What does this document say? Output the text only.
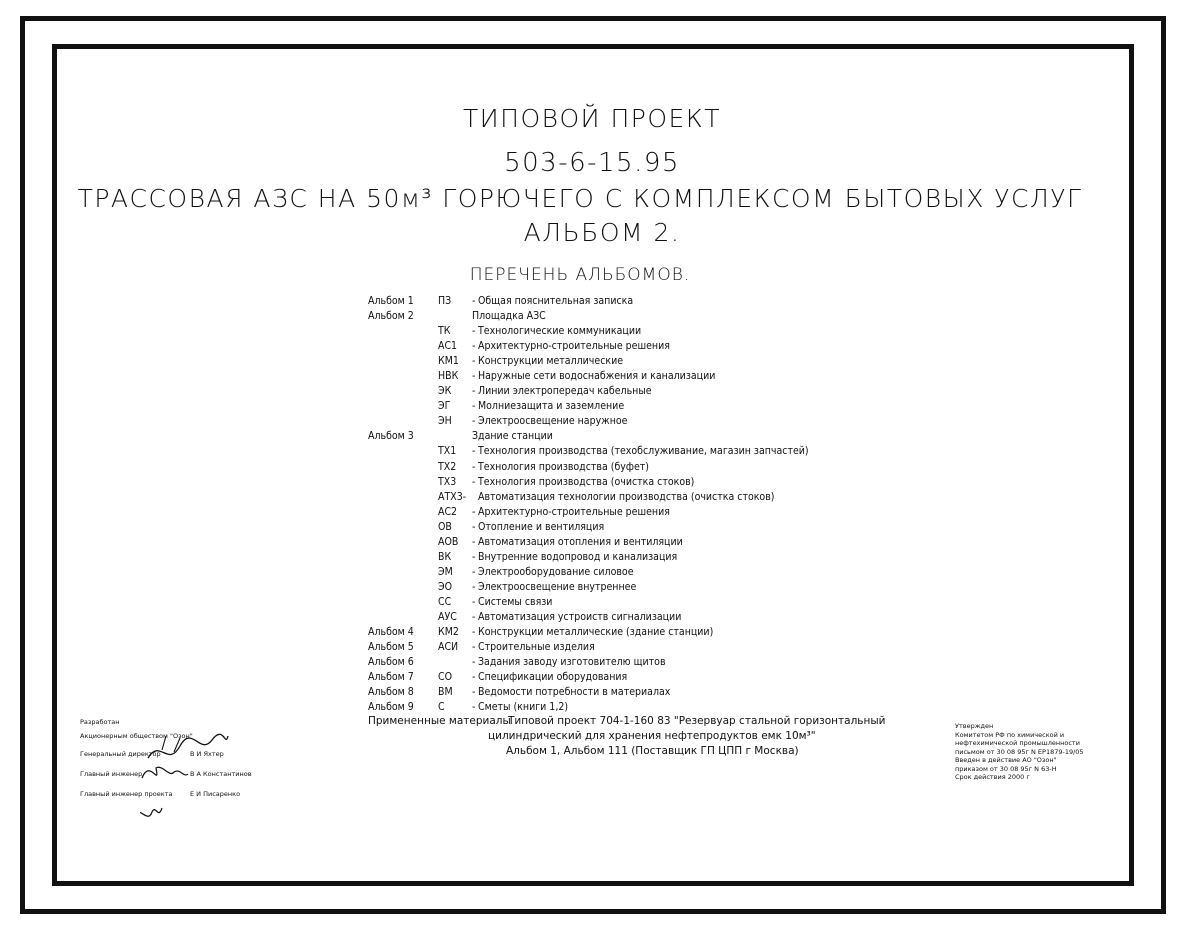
ТИПОВОЙ ПРОЕКТ
503-6-15.95
ТРАССОВАЯ АЗС НА 50м³ ГОРЮЧЕГО С КОМПЛЕКСОМ БЫТОВЫХ УСЛУГ
АЛЬБОМ 2.
ПЕРЕЧЕНЬ АЛЬБОМОВ.
Альбом 1 ПЗ - Общая пояснительная записка
Альбом 2	Площадка АЗС
ТК - Технологические коммуникации
АС1 - Архитектурно-строительные решения
КМ1 - Конструкции металлические
НВК - Наружные сети водоснабжения и канализации
ЭК - Линии электропередач кабельные
ЭГ - Молниезащита и заземление
ЭН - Электроосвещение наружное
Альбом 3	Здание станции
ТХ1 - Технология производства (техобслуживание, магазин запчастей)
ТХ2 - Технология производства (буфет)
ТХ3 - Технология производства (очистка стоков)
АТХ3- Автоматизация технологии производства (очистка стоков)
АС2 - Архитектурно-строительные решения
ОВ - Отопление и вентиляция
АОВ - Автоматизация отопления и вентиляции
ВК - Внутренние водопровод и канализация
ЭМ - Электрооборудование силовое
ЭО - Электроосвещение внутреннее
СС - Системы связи
АУС - Автоматизация устроиств сигнализации
Альбом 4 КМ2 - Конструкции металлические (здание станции)
Альбом 5 АСИ - Строительные изделия
Альбом 6	- Задания заводу изготовителю щитов
Альбом 7 СО - Спецификации оборудования
Альбом 8 ВМ - Ведомости потребности в материалах
Альбом 9 С	- Сметы (книги 1,2)
Примененные материалы
Типовой проект 704-1-160 83 "Резервуар стальной горизонтальный
цилиндрический для хранения нефтепродуктов емк 10м³"
Альбом 1, Альбом 111 (Поставщик ГП ЦПП г Москва)
Разработан
Акционерным обществом "Озон"
Генеральный директор	В И Яхтер
Главный инженер	В А Константинов
Главный инженер проекта	Е И Писаренко
Утвержден
Комитетом РФ по химической и
нефтехимической промышленности
письмом от 30 08 95г N ЕР1879-19/05
Введен в действие АО "Озон"
приказом от 30 08 95г N 63-Н
Срок действия 2000 г
